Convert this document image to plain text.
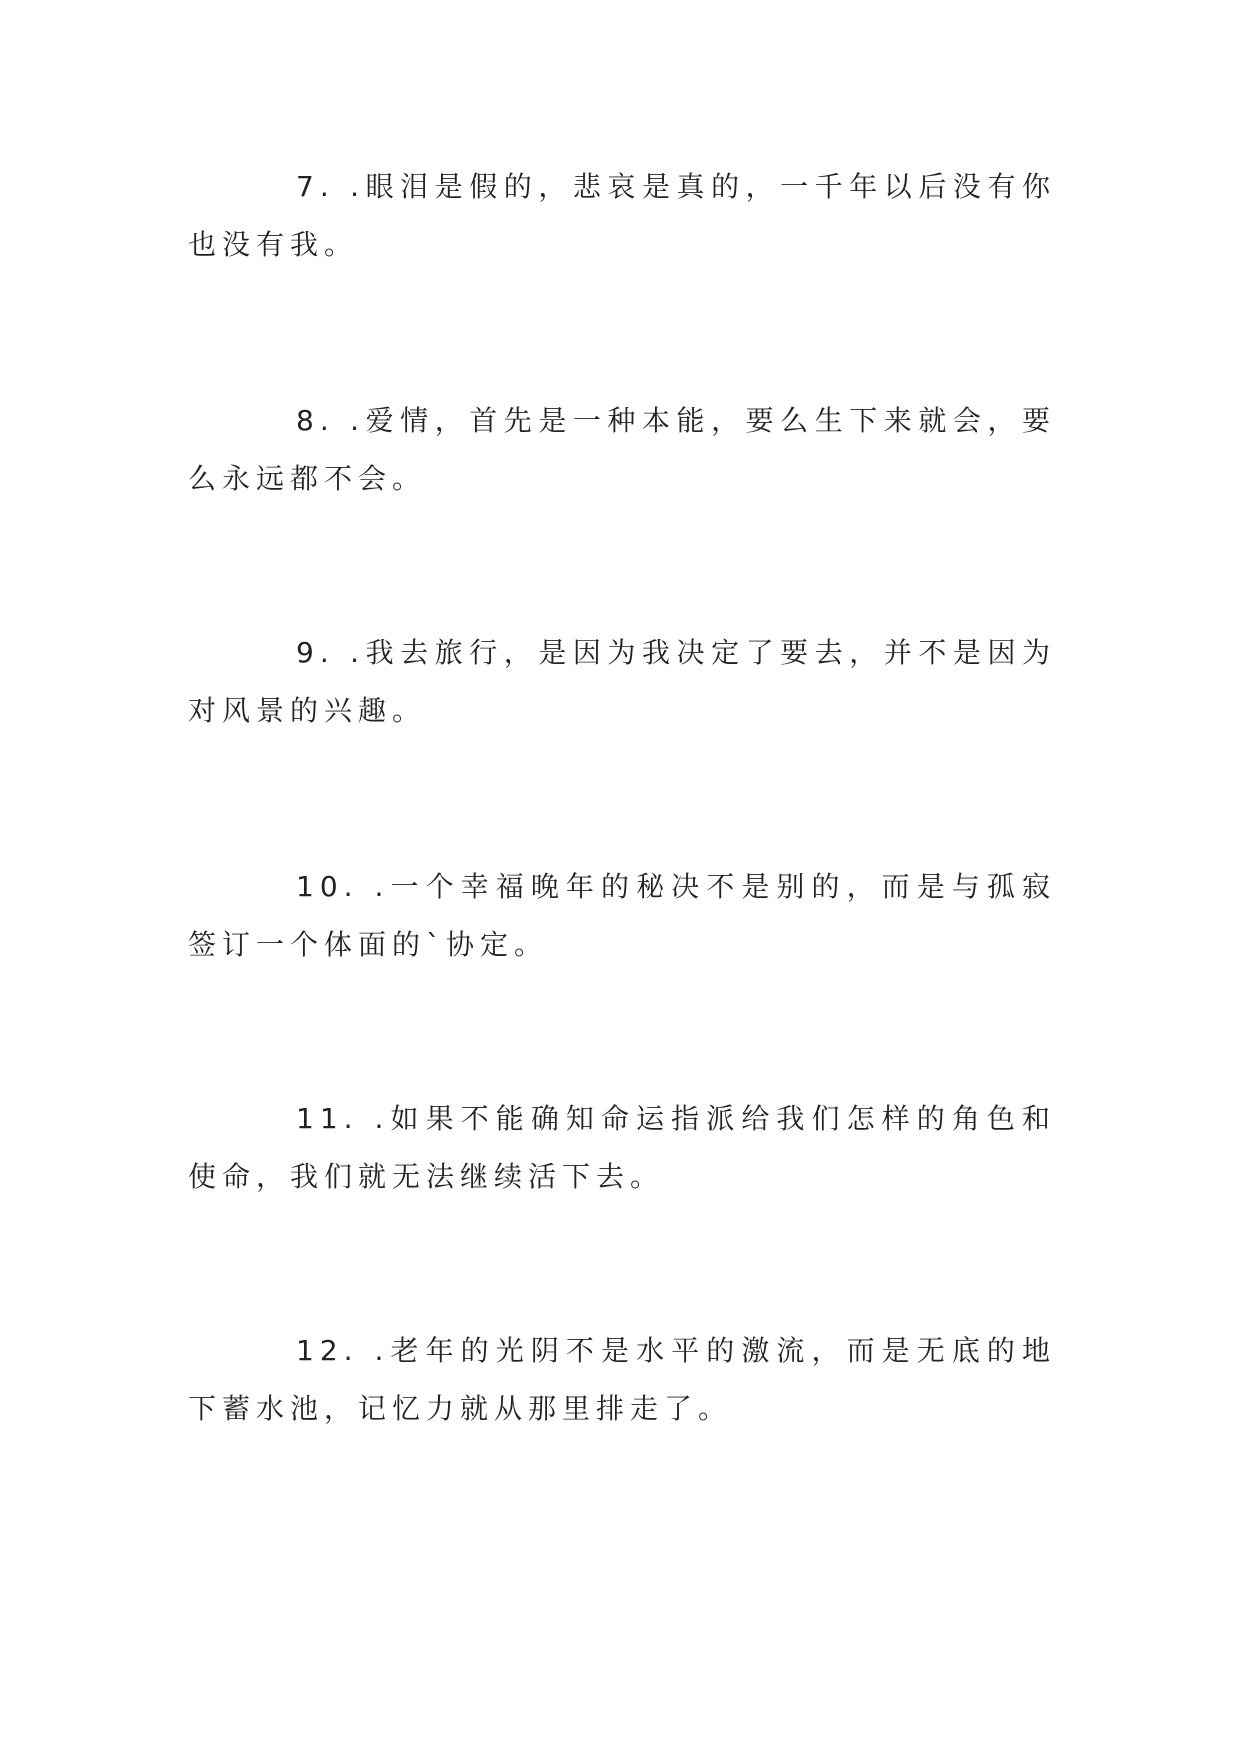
7. .眼泪是假的，悲哀是真的，一千年以后没有你也没有我。

8. .爱情，首先是一种本能，要么生下来就会，要么永远都不会。

9. .我去旅行，是因为我决定了要去，并不是因为对风景的兴趣。

10. .一个幸福晚年的秘决不是别的，而是与孤寂签订一个体面的`协定。

11. .如果不能确知命运指派给我们怎样的角色和使命，我们就无法继续活下去。

12. .老年的光阴不是水平的激流，而是无底的地下蓄水池，记忆力就从那里排走了。
